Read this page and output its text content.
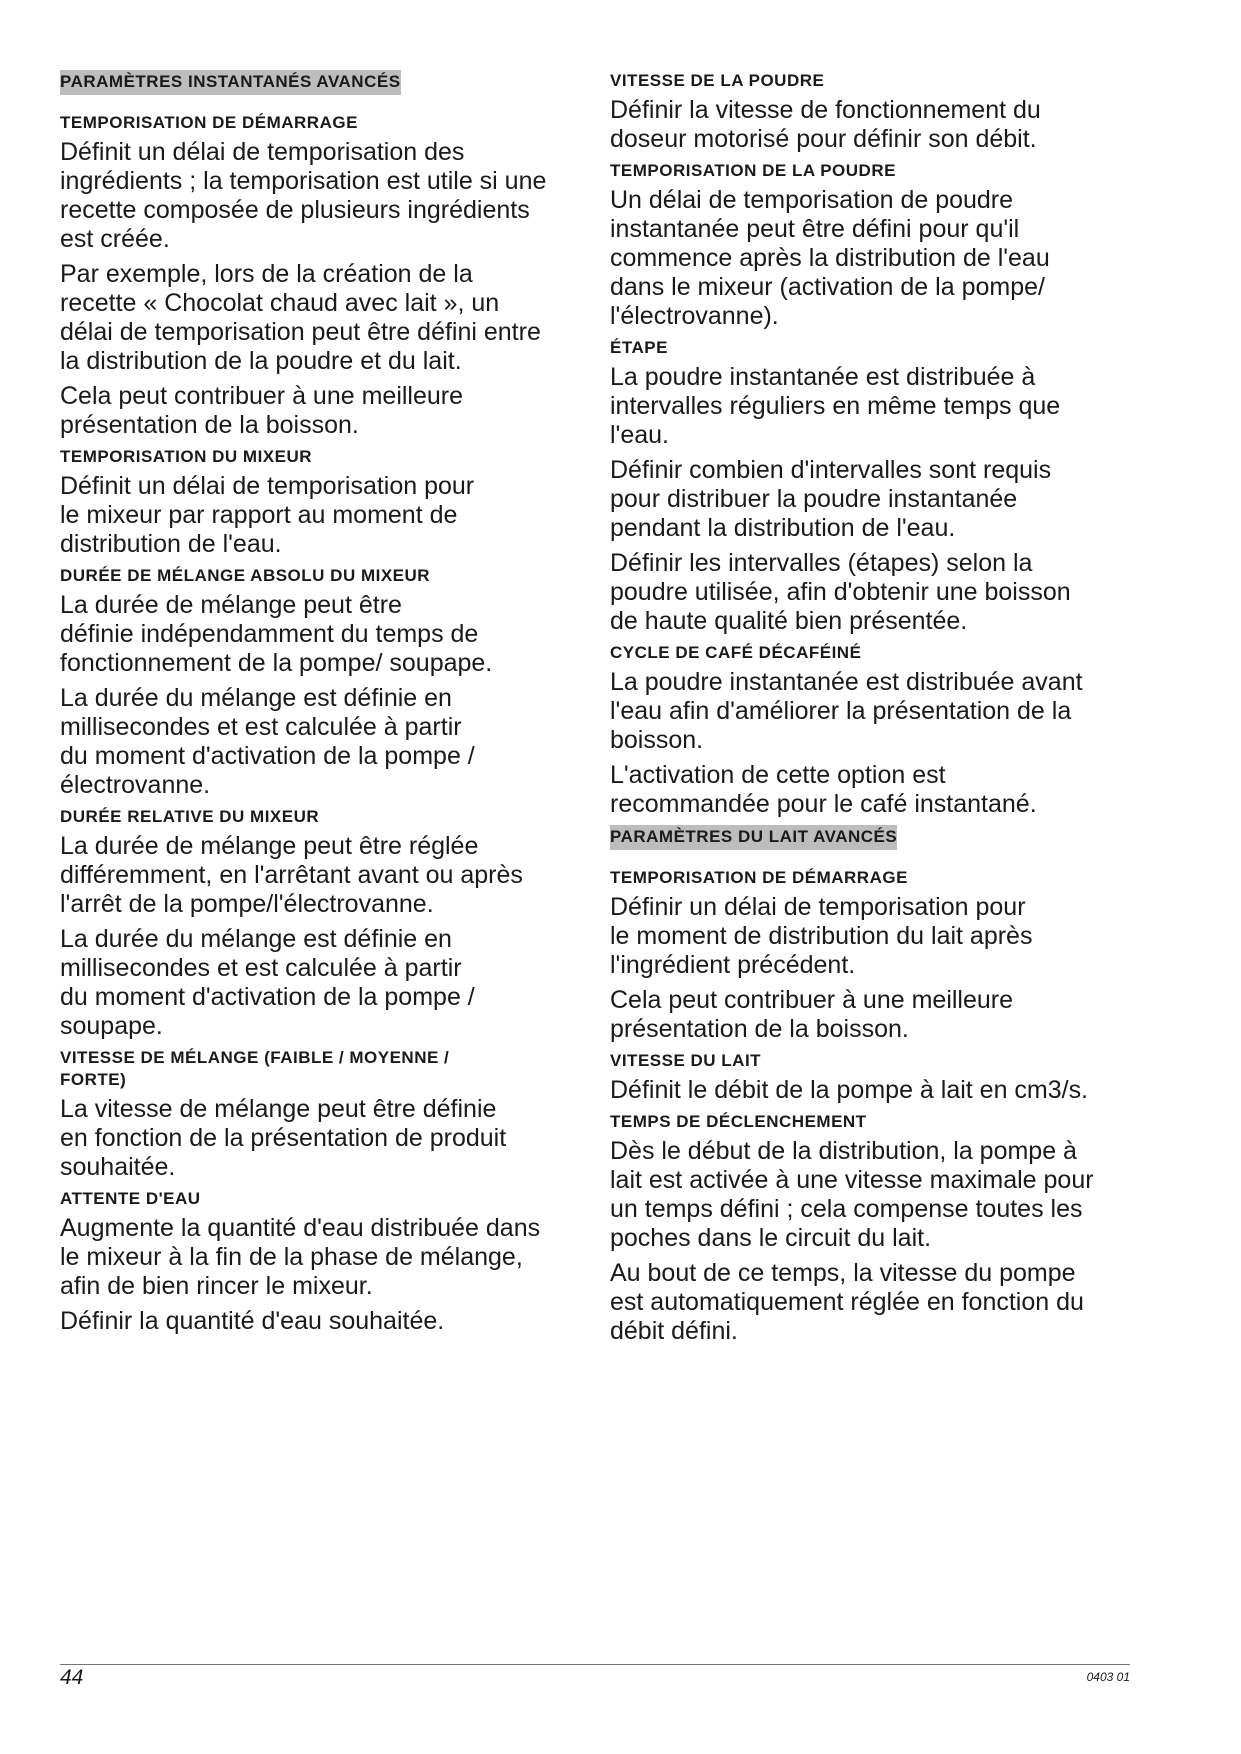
PARAMÈTRES INSTANTANÉS AVANCÉS
TEMPORISATION DE DÉMARRAGE
Définit un délai de temporisation des
ingrédients ; la temporisation est utile si une
recette composée de plusieurs ingrédients
est créée.
Par exemple, lors de la création de la
recette « Chocolat chaud avec lait », un
délai de temporisation peut être défini entre
la distribution de la poudre et du lait.
Cela peut contribuer à une meilleure
présentation de la boisson.
TEMPORISATION DU MIXEUR
Définit un délai de temporisation pour
le mixeur par rapport au moment de
distribution de l'eau.
DURÉE DE MÉLANGE ABSOLU DU MIXEUR
La durée de mélange peut être
définie indépendamment du temps de
fonctionnement de la pompe/ soupape.
La durée du mélange est définie en
millisecondes et est calculée à partir
du moment d'activation de la pompe /
électrovanne.
DURÉE RELATIVE DU MIXEUR
La durée de mélange peut être réglée
différemment, en l'arrêtant avant ou après
l'arrêt de la pompe/l'électrovanne.
La durée du mélange est définie en
millisecondes et est calculée à partir
du moment d'activation de la pompe /
soupape.
VITESSE DE MÉLANGE (FAIBLE / MOYENNE /
FORTE)
La vitesse de mélange peut être définie
en fonction de la présentation de produit
souhaitée.
ATTENTE D'EAU
Augmente la quantité d'eau distribuée dans
le mixeur à la fin de la phase de mélange,
afin de bien rincer le mixeur.
Définir la quantité d'eau souhaitée.
VITESSE DE LA POUDRE
Définir la vitesse de fonctionnement du
doseur motorisé pour définir son débit.
TEMPORISATION DE LA POUDRE
Un délai de temporisation de poudre
instantanée peut être défini pour qu'il
commence après la distribution de l'eau
dans le mixeur (activation de la pompe/
l'électrovanne).
ÉTAPE
La poudre instantanée est distribuée à
intervalles réguliers en même temps que
l'eau.
Définir combien d'intervalles sont requis
pour distribuer la poudre instantanée
pendant la distribution de l'eau.
Définir les intervalles (étapes) selon la
poudre utilisée, afin d'obtenir une boisson
de haute qualité bien présentée.
CYCLE DE CAFÉ DÉCAFÉINÉ
La poudre instantanée est distribuée avant
l'eau afin d'améliorer la présentation de la
boisson.
L'activation de cette option est
recommandée pour le café instantané.
PARAMÈTRES DU LAIT AVANCÉS
TEMPORISATION DE DÉMARRAGE
Définir un délai de temporisation pour
le moment de distribution du lait après
l'ingrédient précédent.
Cela peut contribuer à une meilleure
présentation de la boisson.
VITESSE DU LAIT
Définit le débit de la pompe à lait en cm3/s.
TEMPS DE DÉCLENCHEMENT
Dès le début de la distribution, la pompe à
lait est activée à une vitesse maximale pour
un temps défini ; cela compense toutes les
poches dans le circuit du lait.
Au bout de ce temps, la vitesse du pompe
est automatiquement réglée en fonction du
débit défini.
44	0403 01
